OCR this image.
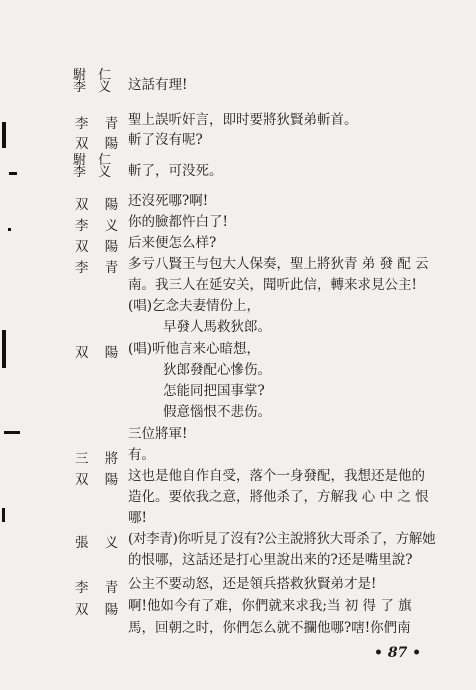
駙 仁
李 义 这話有理!
李 青 聖上誤听奸言，即时要將狄賢弟斬首。
双 陽 斬了沒有呢?
駙 仁
李 义 斬了，可没死。
双 陽 还沒死哪?啊!
李 义 你的臉都忤白了!
双 陽 后来便怎么样?
李 青 多亏八賢王与包大人保奏，聖上將狄青 弟 發 配 云
南。我三人在延安关，聞听此信，轉来求見公主!
(唱)乞念夫妻情份上，
早發人馬救狄郎。
双 陽 (唱)听他言来心暗想，
狄郎發配心慘伤。
怎能同把国事掌?
假意惱恨不悲伤。
三位將軍!
三 將 有。
双 陽 这也是他自作自受，落个一身發配，我想还是他的
造化。要依我之意，將他杀了，方解我 心 中 之 恨
哪!
張 义 (对李青)你听見了沒有?公主說將狄大哥杀了，方解她
的恨哪，这話还是打心里說出来的?还是嘴里說?
李 青 公主不要动怒，还是領兵搭救狄賢弟才是!
双 陽 啊!他如今有了难，你們就来求我;当 初 得 了 旗
馬，回朝之时，你們怎么就不攔他哪?嗐!你們南
• 87 •
